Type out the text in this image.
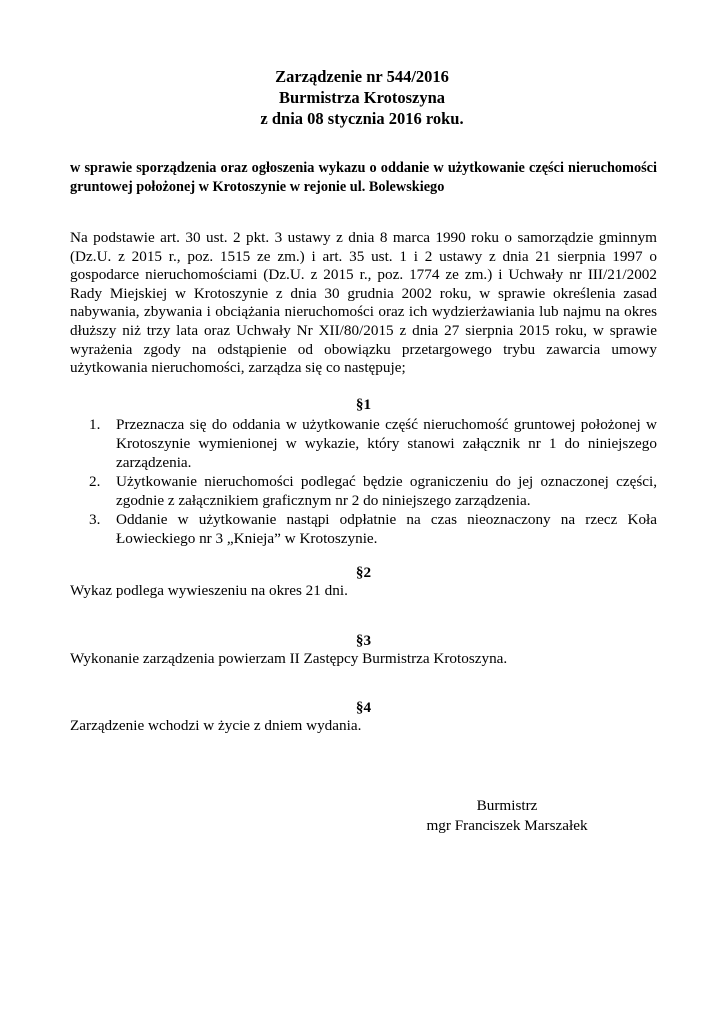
Zarządzenie nr 544/2016
Burmistrza Krotoszyna
z dnia 08 stycznia 2016 roku.
w sprawie sporządzenia oraz ogłoszenia wykazu o oddanie w użytkowanie części nieruchomości gruntowej położonej w Krotoszynie w rejonie ul. Bolewskiego
Na podstawie art. 30 ust. 2 pkt. 3 ustawy z dnia 8 marca 1990 roku o samorządzie gminnym (Dz.U. z 2015 r., poz. 1515 ze zm.) i art. 35 ust. 1 i 2 ustawy z dnia 21 sierpnia 1997 o gospodarce nieruchomościami (Dz.U. z 2015 r., poz. 1774 ze zm.) i Uchwały nr III/21/2002 Rady Miejskiej w Krotoszynie z dnia 30 grudnia 2002 roku, w sprawie określenia zasad nabywania, zbywania i obciążania nieruchomości oraz ich wydzierżawiania lub najmu na okres dłuższy niż trzy lata oraz Uchwały Nr XII/80/2015 z dnia 27 sierpnia 2015 roku, w sprawie wyrażenia zgody na odstąpienie od obowiązku przetargowego trybu zawarcia umowy użytkowania nieruchomości, zarządza się co następuje;
§1
1. Przeznacza się do oddania w użytkowanie część nieruchomość gruntowej położonej w Krotoszynie wymienionej w wykazie, który stanowi załącznik nr 1 do niniejszego zarządzenia.
2. Użytkowanie nieruchomości podlegać będzie ograniczeniu do jej oznaczonej części, zgodnie z załącznikiem graficznym nr 2 do niniejszego zarządzenia.
3. Oddanie w użytkowanie nastąpi odpłatnie na czas nieoznaczony na rzecz Koła Łowieckiego nr 3 „Knieja” w Krotoszynie.
§2
Wykaz podlega wywieszeniu na okres 21 dni.
§3
Wykonanie zarządzenia powierzam II Zastępcy Burmistrza Krotoszyna.
§4
Zarządzenie wchodzi w życie z dniem wydania.
Burmistrz
mgr Franciszek Marszałek
